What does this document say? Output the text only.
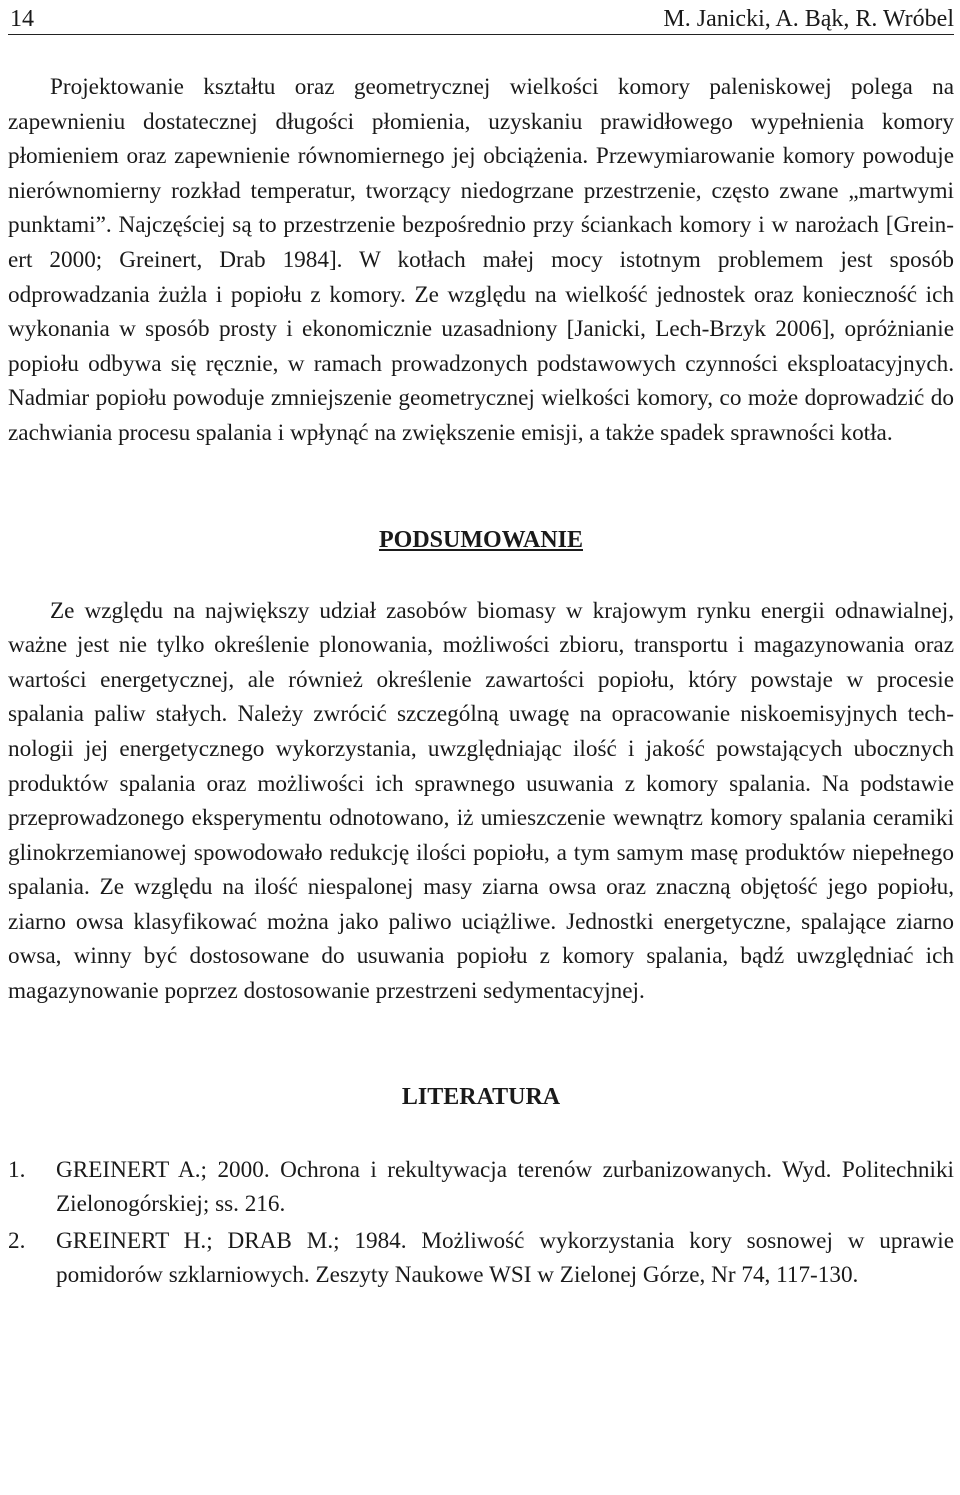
14	M. Janicki, A. Bąk, R. Wróbel

Projektowanie kształtu oraz geometrycznej wielkości komory paleniskowej polega na zapewnieniu dostatecznej długości płomienia, uzyskaniu prawidłowego wypełnienia komory płomieniem oraz zapewnienie równomiernego jej obciążenia. Przewymiarowanie komory powoduje nierównomierny rozkład temperatur, tworzący niedogrzane przestrzenie, często zwane „martwymi punktami”. Najczęściej są to przestrzenie bezpośrednio przy ściankach komory i w narożach [Greinert 2000; Greinert, Drab 1984]. W kotłach małej mocy istotnym problemem jest sposób odprowadzania żużla i popiołu z komory. Ze względu na wielkość jednostek oraz konieczność ich wykonania w sposób prosty i ekonomicznie uzasadniony [Janicki, Lech-Brzyk 2006], opróżnianie popiołu odbywa się ręcznie, w ramach prowadzonych podstawowych czynności eksploatacyjnych. Nadmiar popiołu powoduje zmniejszenie geometrycznej wielkości komory, co może doprowadzić do zachwiania procesu spalania i wpłynąć na zwiększenie emisji, a także spadek sprawności kotła.

PODSUMOWANIE

Ze względu na największy udział zasobów biomasy w krajowym rynku energii odnawialnej, ważne jest nie tylko określenie plonowania, możliwości zbioru, transportu i magazynowania oraz wartości energetycznej, ale również określenie zawartości popiołu, który powstaje w procesie spalania paliw stałych. Należy zwrócić szczególną uwagę na opracowanie niskoemisyjnych technologii jej energetycznego wykorzystania, uwzględniając ilość i jakość powstających ubocznych produktów spalania oraz możliwości ich sprawnego usuwania z komory spalania. Na podstawie przeprowadzonego eksperymentu odnotowano, iż umieszczenie wewnątrz komory spalania ceramiki glinokrzemianowej spowodowało redukcję ilości popiołu, a tym samym masę produktów niepełnego spalania. Ze względu na ilość niespalonej masy ziarna owsa oraz znaczną objętość jego popiołu, ziarno owsa klasyfikować można jako paliwo uciążliwe. Jednostki energetyczne, spalające ziarno owsa, winny być dostosowane do usuwania popiołu z komory spalania, bądź uwzględniać ich magazynowanie poprzez dostosowanie przestrzeni sedymentacyjnej.

LITERATURA
1. GREINERT A.; 2000. Ochrona i rekultywacja terenów zurbanizowanych. Wyd. Politechniki Zielonogórskiej; ss. 216.
2. GREINERT H.; DRAB M.; 1984. Możliwość wykorzystania kory sosnowej w uprawie pomidorów szklarniowych. Zeszyty Naukowe WSI w Zielonej Górze, Nr 74, 117-130.
